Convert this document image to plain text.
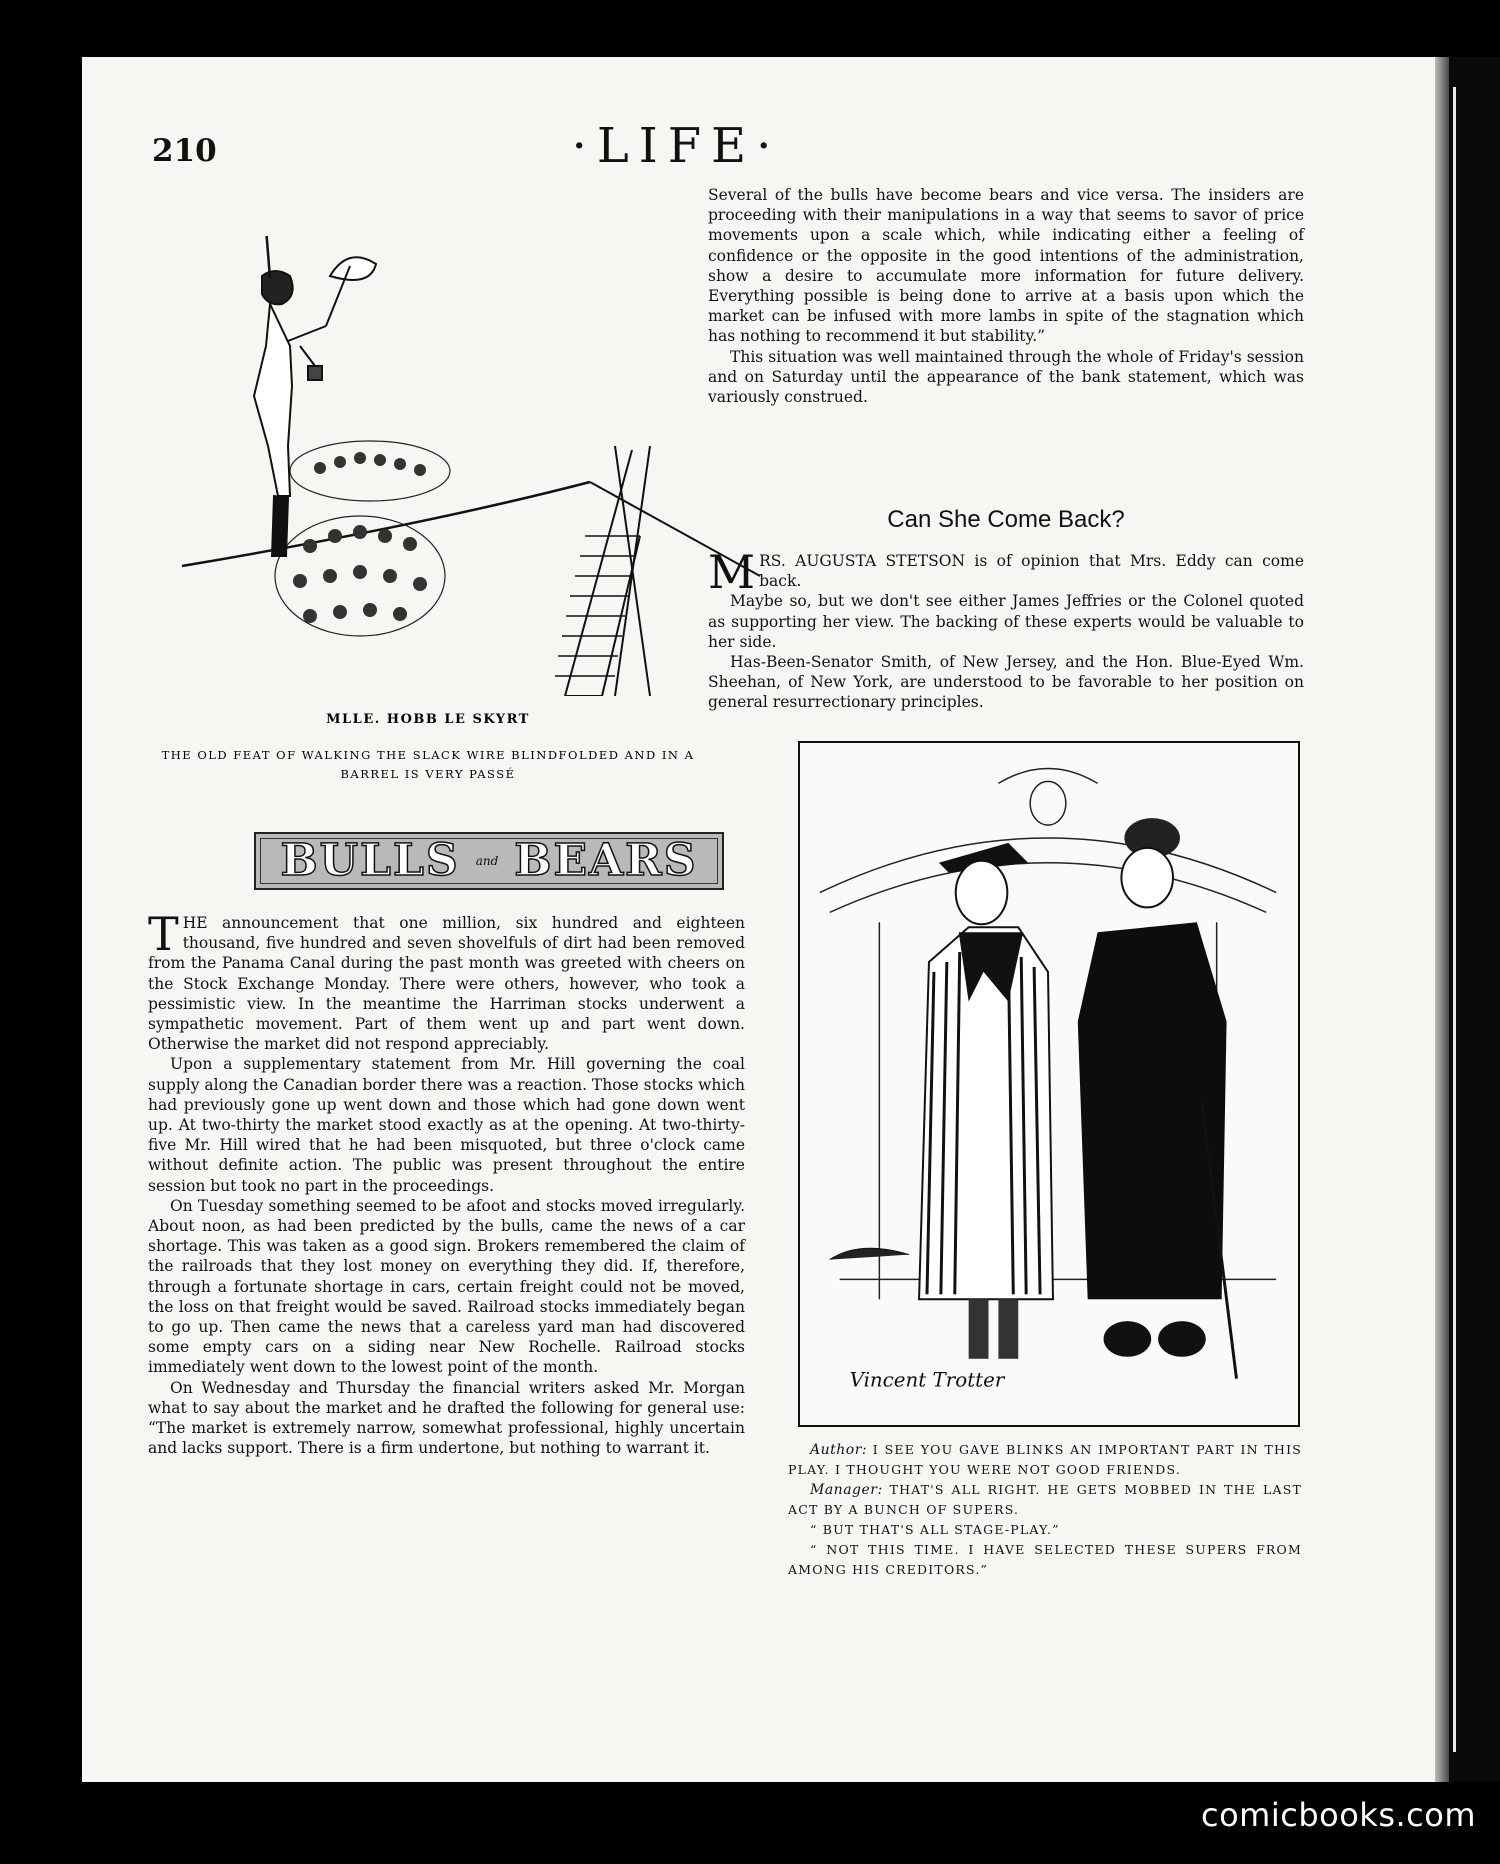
210	·LIFE·
MLLE. HOBB LE SKYRT
THE OLD FEAT OF WALKING THE SLACK WIRE BLINDFOLDED AND IN A BARREL IS VERY PASSÉ
BULLS and BEARS

THE announcement that one million, six hundred and eighteen thousand, five hundred and seven shovelfuls of dirt had been removed from the Panama Canal during the past month was greeted with cheers on the Stock Exchange Monday. There were others, however, who took a pessimistic view. In the meantime the Harriman stocks underwent a sympathetic movement. Part of them went up and part went down. Otherwise the market did not respond appreciably.

Upon a supplementary statement from Mr. Hill governing the coal supply along the Canadian border there was a reaction. Those stocks which had previously gone up went down and those which had gone down went up. At two-thirty the market stood exactly as at the opening. At two-thirty-five Mr. Hill wired that he had been misquoted, but three o'clock came without definite action. The public was present throughout the entire session but took no part in the proceedings.

On Tuesday something seemed to be afoot and stocks moved irregularly. About noon, as had been predicted by the bulls, came the news of a car shortage. This was taken as a good sign. Brokers remembered the claim of the railroads that they lost money on everything they did. If, therefore, through a fortunate shortage in cars, certain freight could not be moved, the loss on that freight would be saved. Railroad stocks immediately began to go up. Then came the news that a careless yard man had discovered some empty cars on a siding near New Rochelle. Railroad stocks immediately went down to the lowest point of the month.

On Wednesday and Thursday the financial writers asked Mr. Morgan what to say about the market and he drafted the following for general use: “The market is extremely narrow, somewhat professional, highly uncertain and lacks support. There is a firm undertone, but nothing to warrant it.

Several of the bulls have become bears and vice versa. The insiders are proceeding with their manipulations in a way that seems to savor of price movements upon a scale which, while indicating either a feeling of confidence or the opposite in the good intentions of the administration, show a desire to accumulate more information for future delivery. Everything possible is being done to arrive at a basis upon which the market can be infused with more lambs in spite of the stagnation which has nothing to recommend it but stability.”

This situation was well maintained through the whole of Friday's session and on Saturday until the appearance of the bank statement, which was variously construed.

Can She Come Back?

MRS. AUGUSTA STETSON is of opinion that Mrs. Eddy can come back.

Maybe so, but we don't see either James Jeffries or the Colonel quoted as supporting her view. The backing of these experts would be valuable to her side.

Has-Been-Senator Smith, of New Jersey, and the Hon. Blue-Eyed Wm. Sheehan, of New York, are understood to be favorable to her position on general resurrectionary principles.

Vincent Trotter

Author: I SEE YOU GAVE BLINKS AN IMPORTANT PART IN THIS PLAY. I THOUGHT YOU WERE NOT GOOD FRIENDS.

Manager: THAT'S ALL RIGHT. HE GETS MOBBED IN THE LAST ACT BY A BUNCH OF SUPERS.

“ BUT THAT'S ALL STAGE-PLAY.”

“ NOT THIS TIME. I HAVE SELECTED THESE SUPERS FROM AMONG HIS CREDITORS.”

comicbooks.com
